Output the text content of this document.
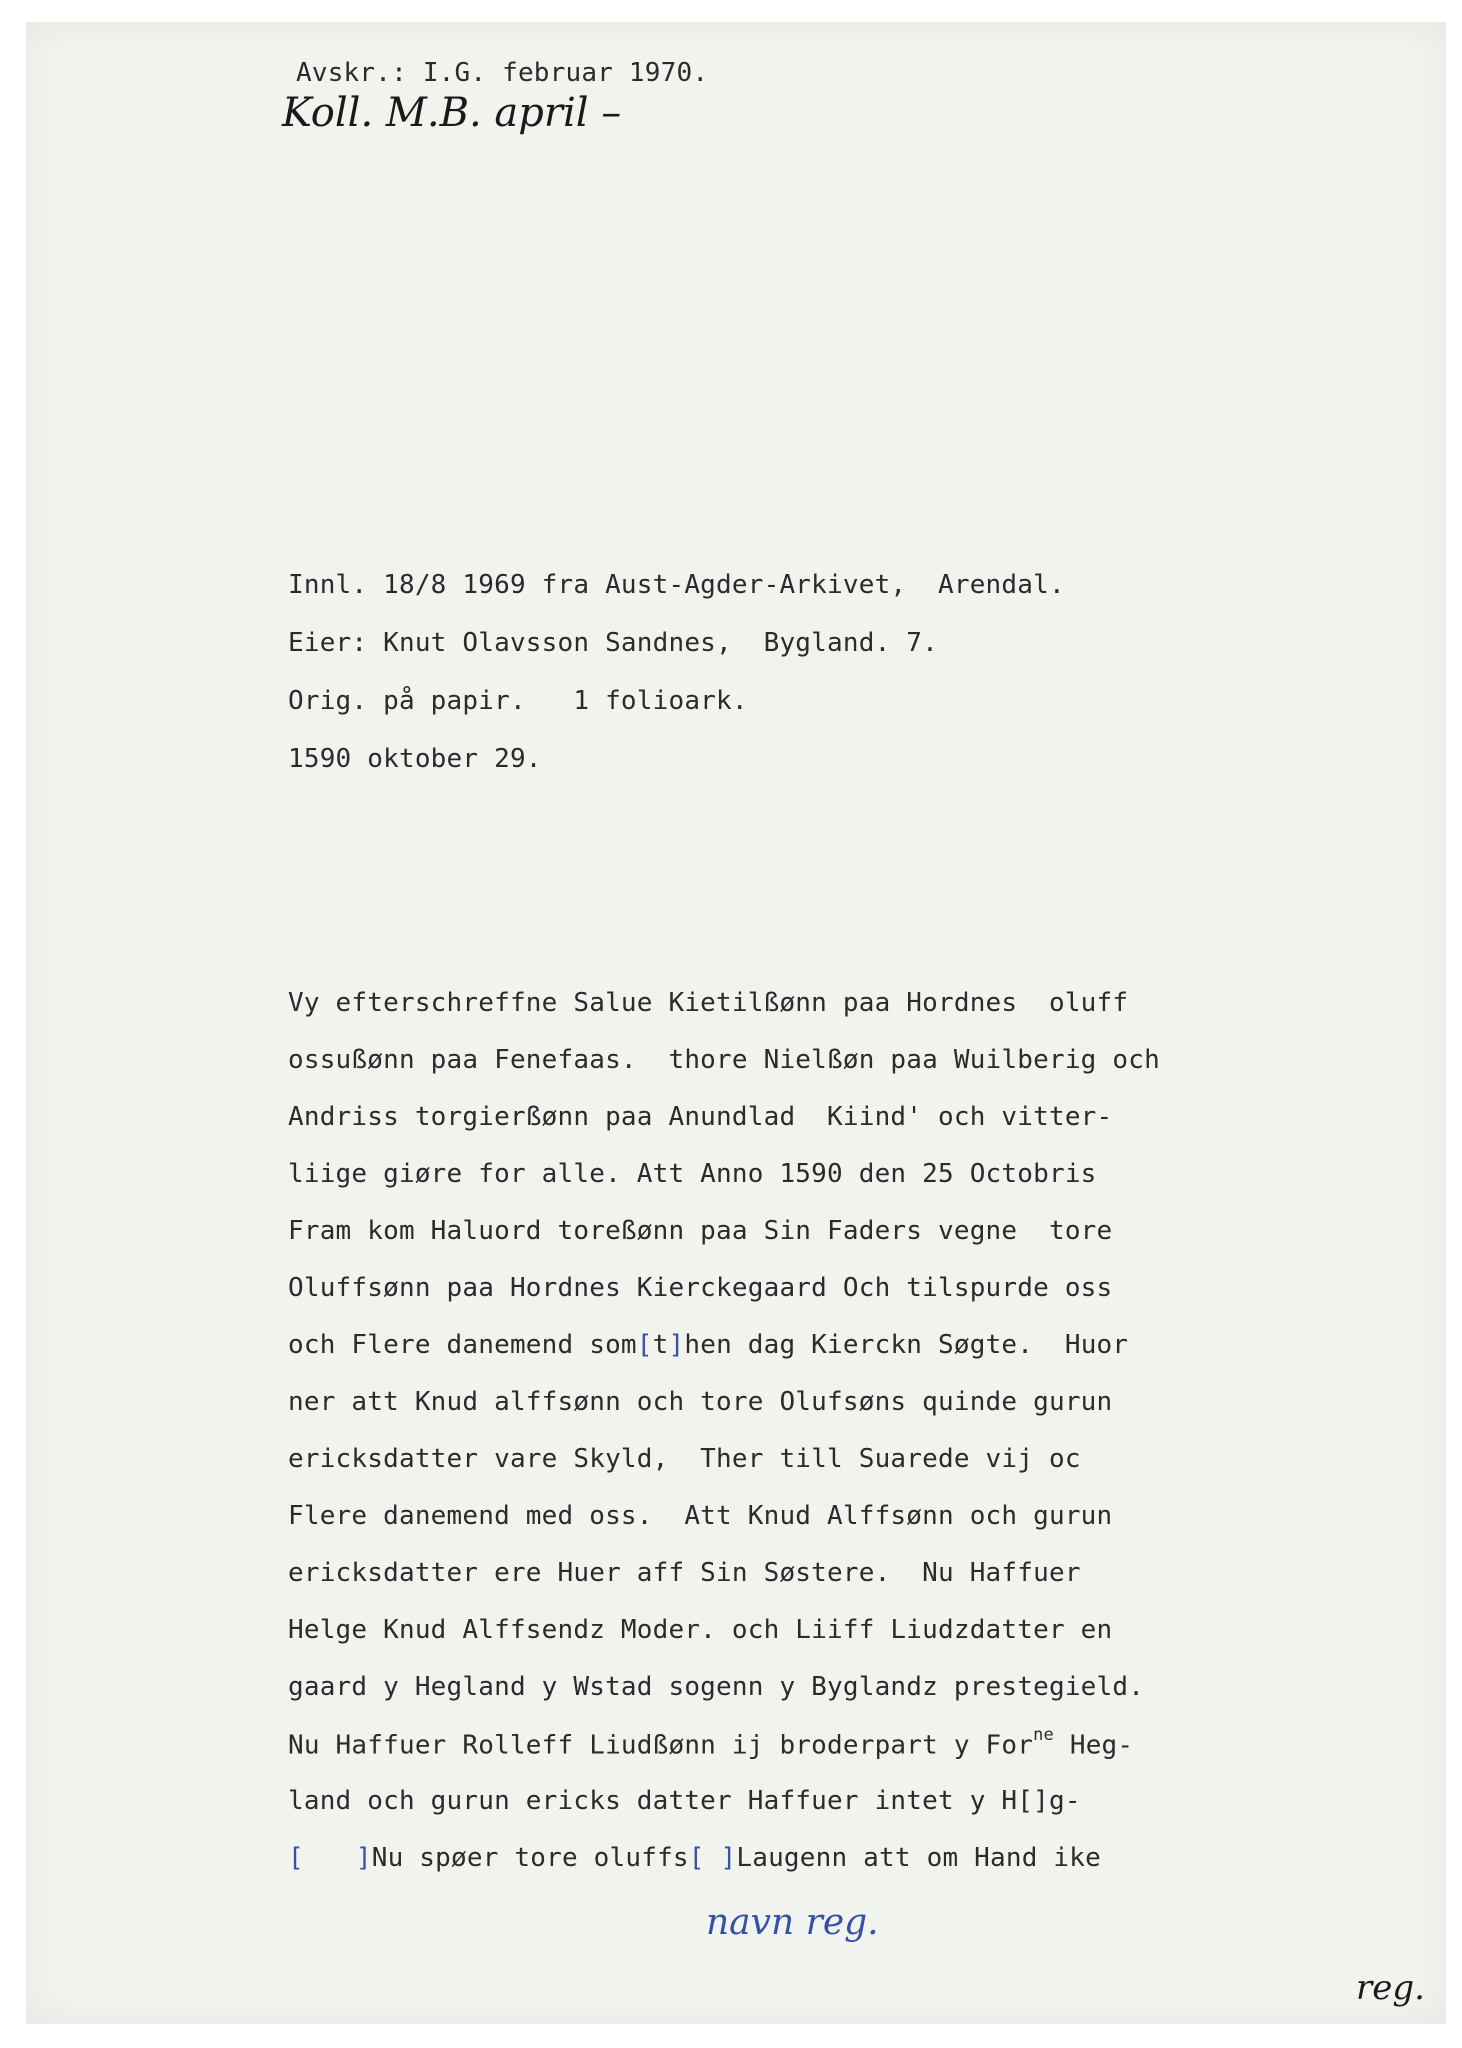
Avskr.: I.G. februar 1970.
Koll. M.B. april –
Innl. 18/8 1969 fra Aust-Agder-Arkivet,  Arendal.
Eier: Knut Olavsson Sandnes,  Bygland. 7.
Orig. på papir.   1 folioark.
1590 oktober 29.
Vy efterschreffne Salue Kietilßønn paa Hordnes  oluff
ossußønn paa Fenefaas.  thore Nielßøn paa Wuilberig och
Andriss torgierßønn paa Anundlad  Kiind' och vitter-
liige giøre for alle. Att Anno 1590 den 25 Octobris
Fram kom Haluord toreßønn paa Sin Faders vegne  tore
Oluffsønn paa Hordnes Kierckegaard Och tilspurde oss
och Flere danemend som[t]hen dag Kierckn Søgte.  Huor
ner att Knud alffsønn och tore Olufsøns quinde gurun
ericksdatter vare Skyld,  Ther till Suarede vij oc
Flere danemend med oss.  Att Knud Alffsønn och gurun
ericksdatter ere Huer aff Sin Søstere.  Nu Haffuer
Helge Knud Alffsendz Moder. och Liiff Liudzdatter en
gaard y Hegland y Wstad sogenn y Byglandz prestegield.
Nu Haffuer Rolleff Liudßønn ij broderpart y For$^{ne}$ Heg-
land och gurun ericks datter Haffuer intet y H[]g-
[ ]Nu spøer tore oluffs[ ]Laugenn att om Hand ike
navn reg.
reg.
